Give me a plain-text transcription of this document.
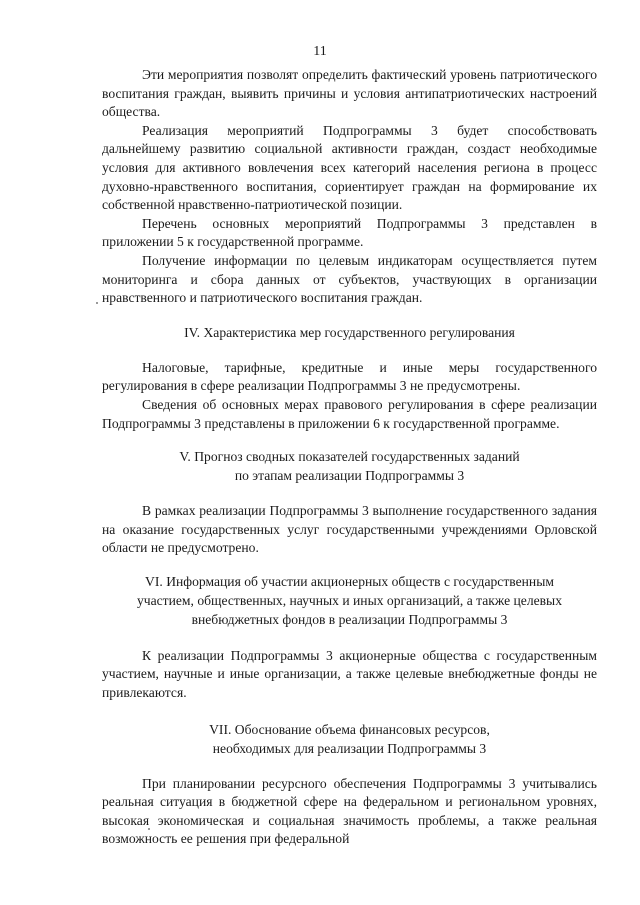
11

Эти мероприятия позволят определить фактический уровень патриотического воспитания граждан, выявить причины и условия антипатриотических настроений общества.

Реализация мероприятий Подпрограммы 3 будет способствовать дальнейшему развитию социальной активности граждан, создаст необходимые условия для активного вовлечения всех категорий населения региона в процесс духовно-нравственного воспитания, сориентирует граждан на формирование их собственной нравственно-патриотической позиции.

Перечень основных мероприятий Подпрограммы 3 представлен в приложении 5 к государственной программе.

Получение информации по целевым индикаторам осуществляется путем мониторинга и сбора данных от субъектов, участвующих в организации нравственного и патриотического воспитания граждан.

IV. Характеристика мер государственного регулирования

Налоговые, тарифные, кредитные и иные меры государственного регулирования в сфере реализации Подпрограммы 3 не предусмотрены.

Сведения об основных мерах правового регулирования в сфере реализации Подпрограммы 3 представлены в приложении 6 к государственной программе.

V. Прогноз сводных показателей государственных заданий
по этапам реализации Подпрограммы 3

В рамках реализации Подпрограммы 3 выполнение государственного задания на оказание государственных услуг государственными учреждениями Орловской области не предусмотрено.

VI. Информация об участии акционерных обществ с государственным
участием, общественных, научных и иных организаций, а также целевых
внебюджетных фондов в реализации Подпрограммы 3

К реализации Подпрограммы 3 акционерные общества с государственным участием, научные и иные организации, а также целевые внебюджетные фонды не привлекаются.

VII. Обоснование объема финансовых ресурсов,
необходимых для реализации Подпрограммы 3

При планировании ресурсного обеспечения Подпрограммы 3 учитывались реальная ситуация в бюджетной сфере на федеральном и региональном уровнях, высокая экономическая и социальная значимость проблемы, а также реальная возможность ее решения при федеральной
